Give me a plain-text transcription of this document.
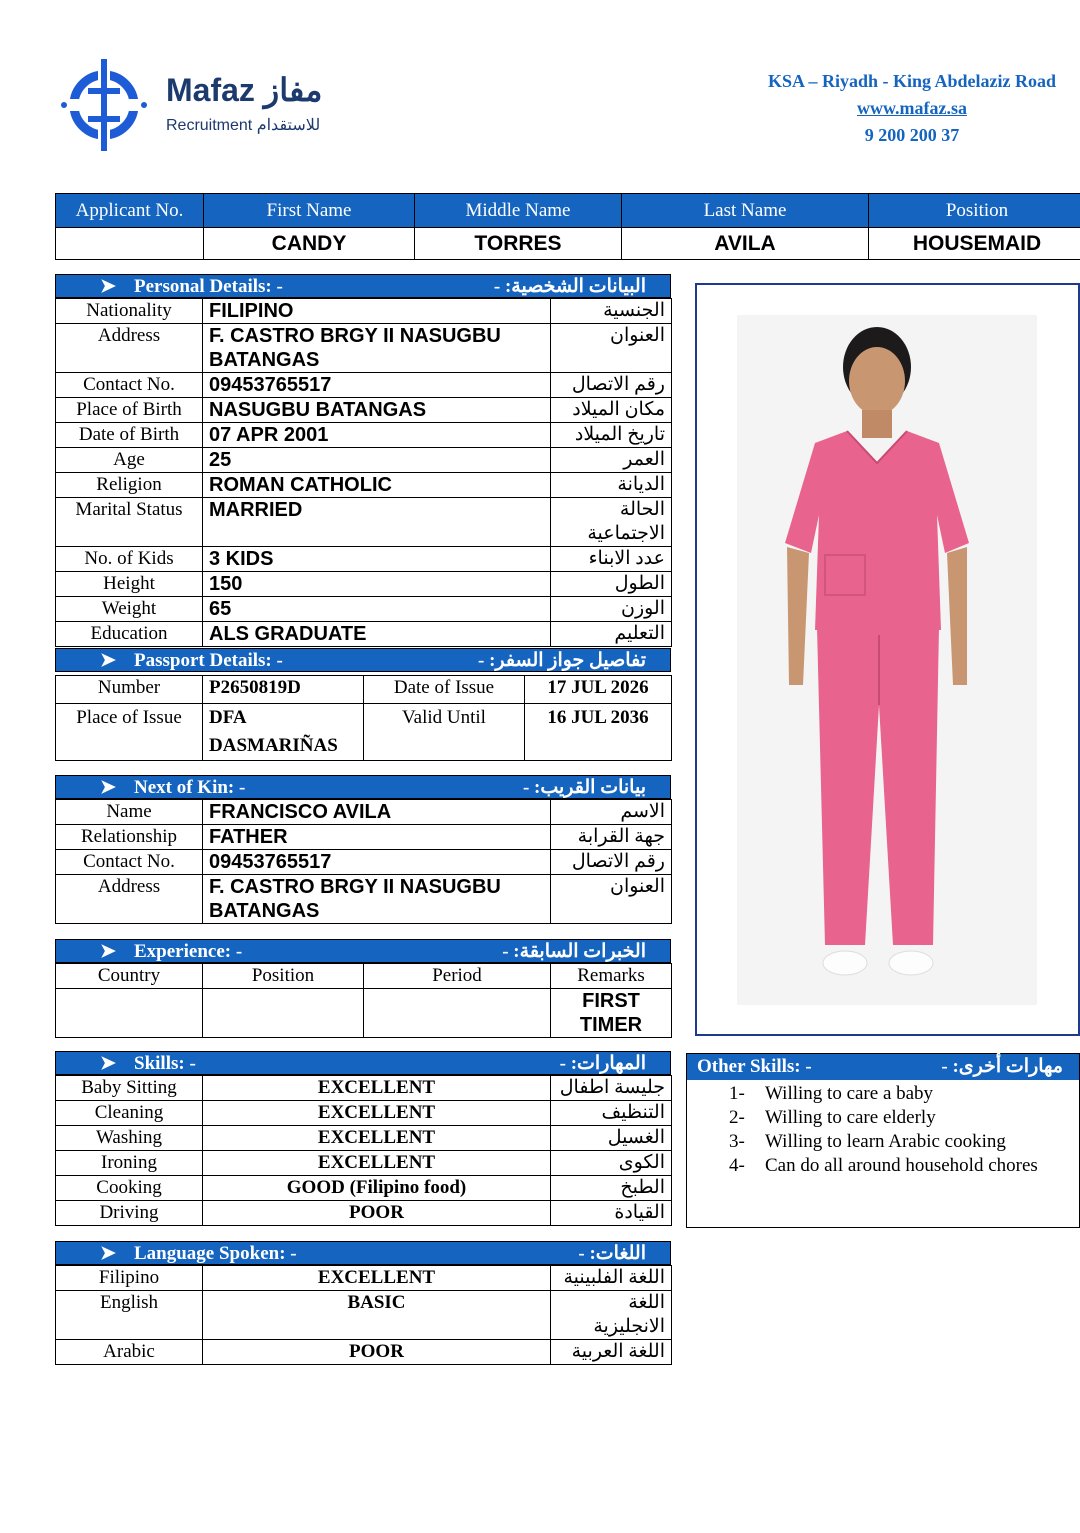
Mafaz مفاز
Recruitment للاستقدام
KSA – Riyadh - King Abdelaziz Road
www.mafaz.sa
9 200 200 37
Applicant No.	First Name	Middle Name	Last Name	Position
	CANDY	TORRES	AVILA	HOUSEMAID
➤ Personal Details: -	البيانات الشخصية: -
Nationality	FILIPINO	الجنسية
Address	F. CASTRO BRGY II NASUGBU BATANGAS	العنوان
Contact No.	09453765517	رقم الاتصال
Place of Birth	NASUGBU BATANGAS	مكان الميلاد
Date of Birth	07 APR 2001	تاريخ الميلاد
Age	25	العمر
Religion	ROMAN CATHOLIC	الديانة
Marital Status	MARRIED	الحالة الاجتماعية
No. of Kids	3 KIDS	عدد الابناء
Height	150	الطول
Weight	65	الوزن
Education	ALS GRADUATE	التعليم
➤ Passport Details: -	تفاصيل جواز السفر: -
Number	P2650819D	Date of Issue	17 JUL 2026
Place of Issue	DFA DASMARIÑAS	Valid Until	16 JUL 2036
➤ Next of Kin: -	بيانات القريب: -
Name	FRANCISCO AVILA	الاسم
Relationship	FATHER	جهة القرابة
Contact No.	09453765517	رقم الاتصال
Address	F. CASTRO BRGY II NASUGBU BATANGAS	العنوان
➤ Experience: -	الخبرات السابقة: -
Country	Position	Period	Remarks
			FIRST TIMER
➤ Skills: -	المهارات: -
Baby Sitting	EXCELLENT	جليسة اطفال
Cleaning	EXCELLENT	التنظيف
Washing	EXCELLENT	الغسيل
Ironing	EXCELLENT	الكوى
Cooking	GOOD (Filipino food)	الطبخ
Driving	POOR	القيادة
➤ Language Spoken: -	اللغات: -
Filipino	EXCELLENT	اللغة الفلبينية
English	BASIC	اللغة الانجليزية
Arabic	POOR	اللغة العربية
Other Skills: -	مهارات أخرى: -
1- Willing to care a baby
2- Willing to care elderly
3- Willing to learn Arabic cooking
4- Can do all around household chores
